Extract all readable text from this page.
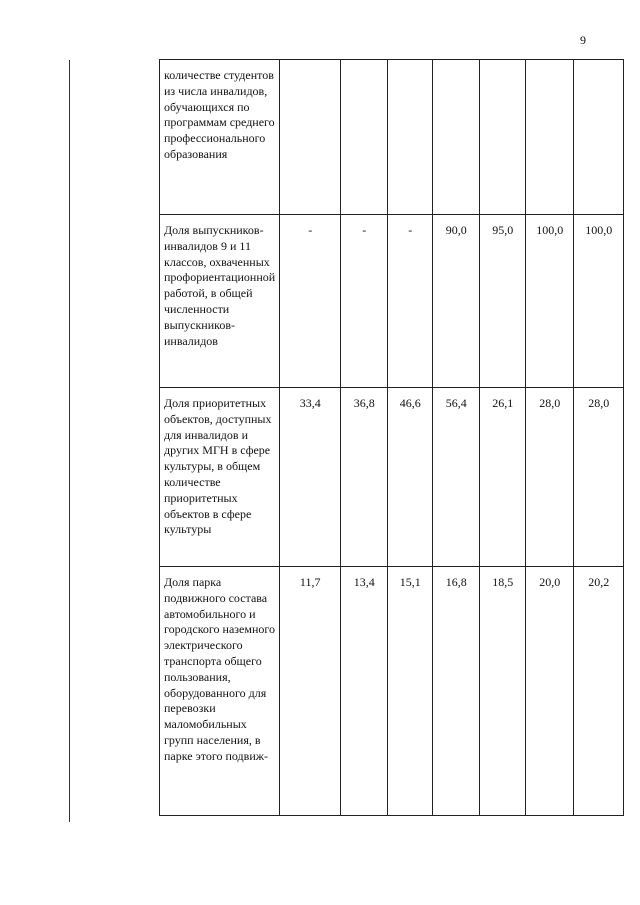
9
количестве студентов из числа инвалидов, обучающихся по программам среднего профессионального образования							

Доля выпускников-инвалидов 9 и 11 классов, охваченных профориентационной работой, в общей численности выпускников-инвалидов	-	-	-	90,0	95,0	100,0	100,0

Доля приоритетных объектов, доступных для инвалидов и других МГН в сфере культуры, в общем количестве приоритетных объектов в сфере культуры	33,4	36,8	46,6	56,4	26,1	28,0	28,0

Доля парка подвижного состава автомобильного и городского наземного электрического транспорта общего пользования, оборудованного для перевозки маломобильных групп населения, в парке этого подвиж-	11,7	13,4	15,1	16,8	18,5	20,0	20,2
